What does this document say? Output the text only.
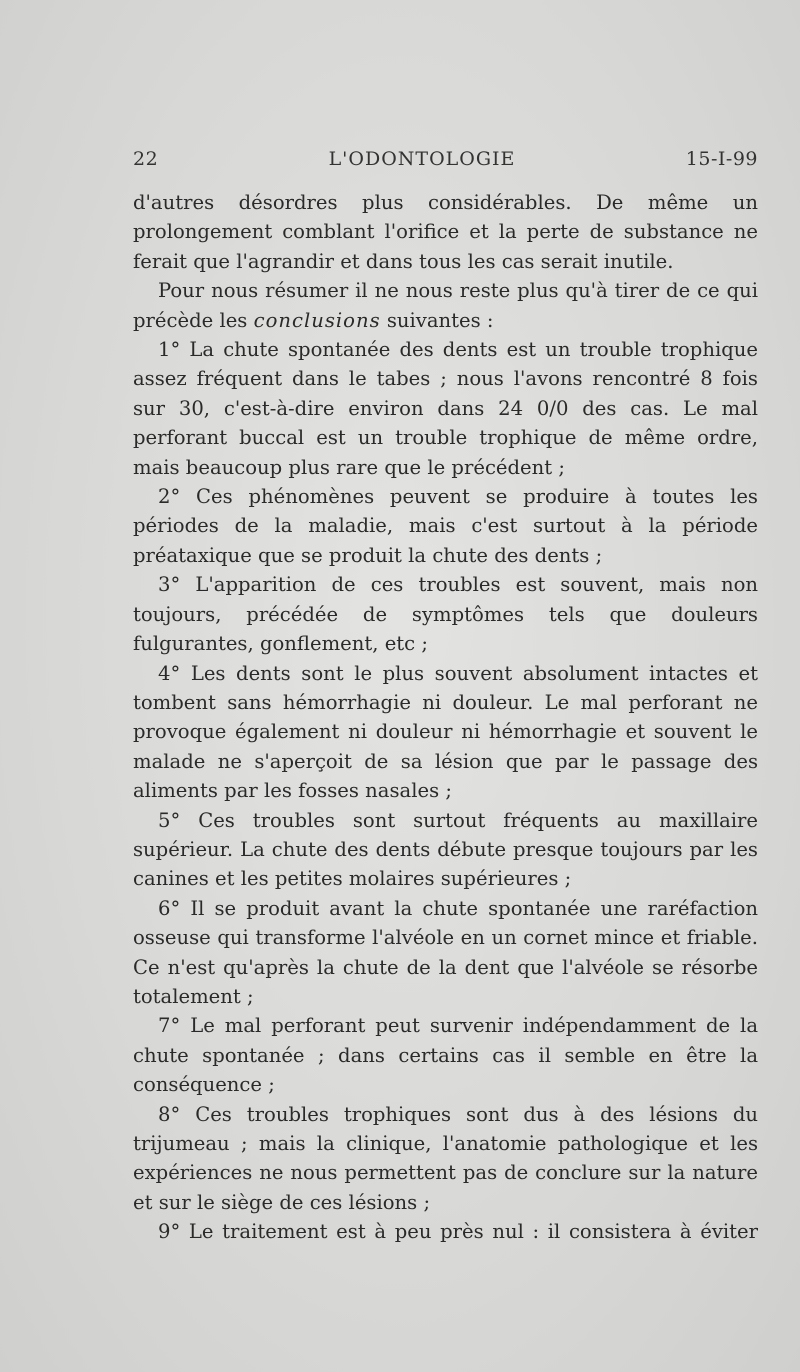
22	L'ODONTOLOGIE	15-I-99

d'autres désordres plus considérables. De même un prolongement comblant l'orifice et la perte de substance ne ferait que l'agrandir et dans tous les cas serait inutile.

Pour nous résumer il ne nous reste plus qu'à tirer de ce qui précède les conclusions suivantes :

1° La chute spontanée des dents est un trouble trophique assez fréquent dans le tabes ; nous l'avons rencontré 8 fois sur 30, c'est-à-dire environ dans 24 0/0 des cas. Le mal perforant buccal est un trouble trophique de même ordre, mais beaucoup plus rare que le précédent ;

2° Ces phénomènes peuvent se produire à toutes les périodes de la maladie, mais c'est surtout à la période préataxique que se produit la chute des dents ;

3° L'apparition de ces troubles est souvent, mais non toujours, précédée de symptômes tels que douleurs fulgurantes, gonflement, etc ;

4° Les dents sont le plus souvent absolument intactes et tombent sans hémorrhagie ni douleur. Le mal perforant ne provoque également ni douleur ni hémorrhagie et souvent le malade ne s'aperçoit de sa lésion que par le passage des aliments par les fosses nasales ;

5° Ces troubles sont surtout fréquents au maxillaire supérieur. La chute des dents débute presque toujours par les canines et les petites molaires supérieures ;

6° Il se produit avant la chute spontanée une raréfaction osseuse qui transforme l'alvéole en un cornet mince et friable. Ce n'est qu'après la chute de la dent que l'alvéole se résorbe totalement ;

7° Le mal perforant peut survenir indépendamment de la chute spontanée ; dans certains cas il semble en être la conséquence ;

8° Ces troubles trophiques sont dus à des lésions du trijumeau ; mais la clinique, l'anatomie pathologique et les expériences ne nous permettent pas de conclure sur la nature et sur le siège de ces lésions ;

9° Le traitement est à peu près nul : il consistera à éviter
